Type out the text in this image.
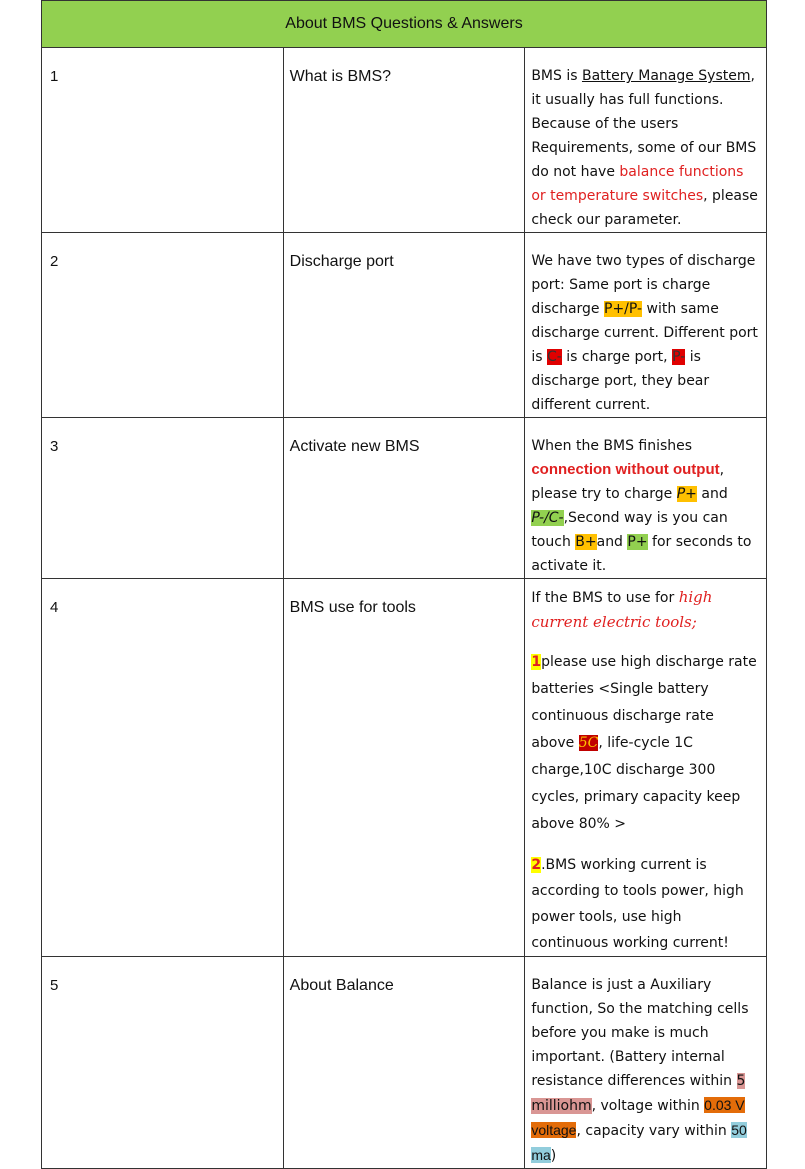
About BMS Questions & Answers		
1	What is BMS?	BMS is Battery Manage System, it usually has full functions. Because of the users Requirements, some of our BMS do not have balance functions or temperature switches, please check our parameter.
2	Discharge port	We have two types of discharge port: Same port is charge discharge P+/P- with same discharge current. Different port is C- is charge port, P- is discharge port, they bear different current.
3	Activate new BMS	When the BMS finishes connection without output, please try to charge P+ and P-/C-,Second way is you can touch B+and P+ for seconds to activate it.
4	BMS use for tools	If the BMS to use for high current electric tools;
1please use high discharge rate batteries <Single battery continuous discharge rate above 5C, life-cycle 1C charge,10C discharge 300 cycles, primary capacity keep above 80% >
2.BMS working current is according to tools power, high power tools, use high continuous working current!

5	About Balance	Balance is just a Auxiliary function, So the matching cells before you make is much important. (Battery internal resistance differences within 5 milliohm, voltage within 0.03 V voltage, capacity vary within 50 ma)
